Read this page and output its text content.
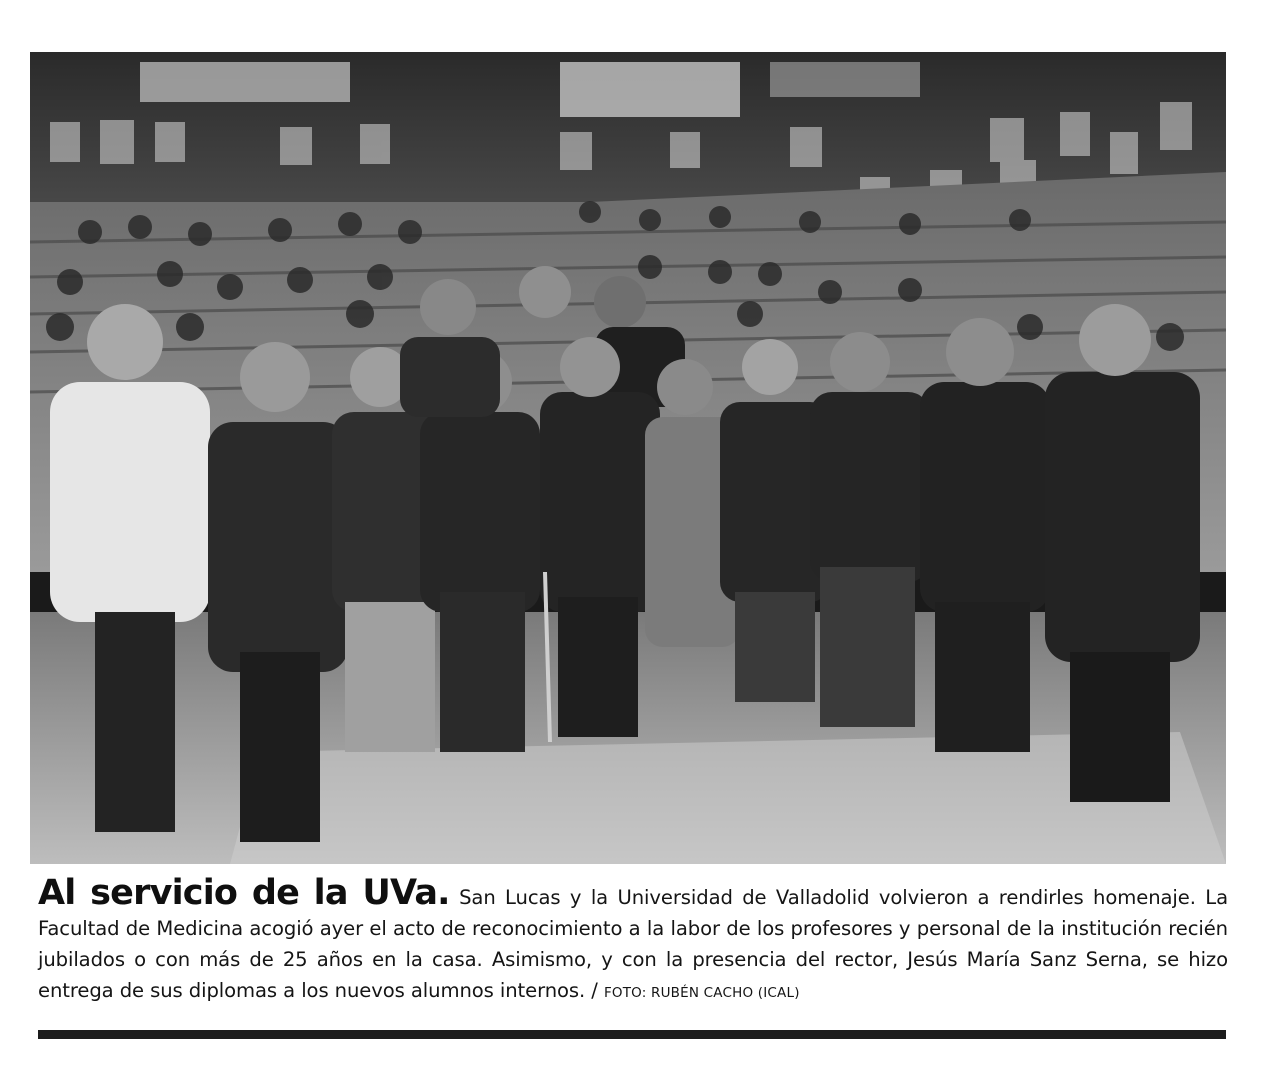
Al servicio de la UVa. San Lucas y la Universidad de Valladolid volvieron a rendirles homenaje. La Facultad de Medicina acogió ayer el acto de reconocimiento a la labor de los profesores y personal de la institución recién jubilados o con más de 25 años en la casa. Asimismo, y con la presencia del rector, Jesús María Sanz Serna, se hizo entrega de sus diplomas a los nuevos alumnos internos. / FOTO: RUBÉN CACHO (ICAL)
